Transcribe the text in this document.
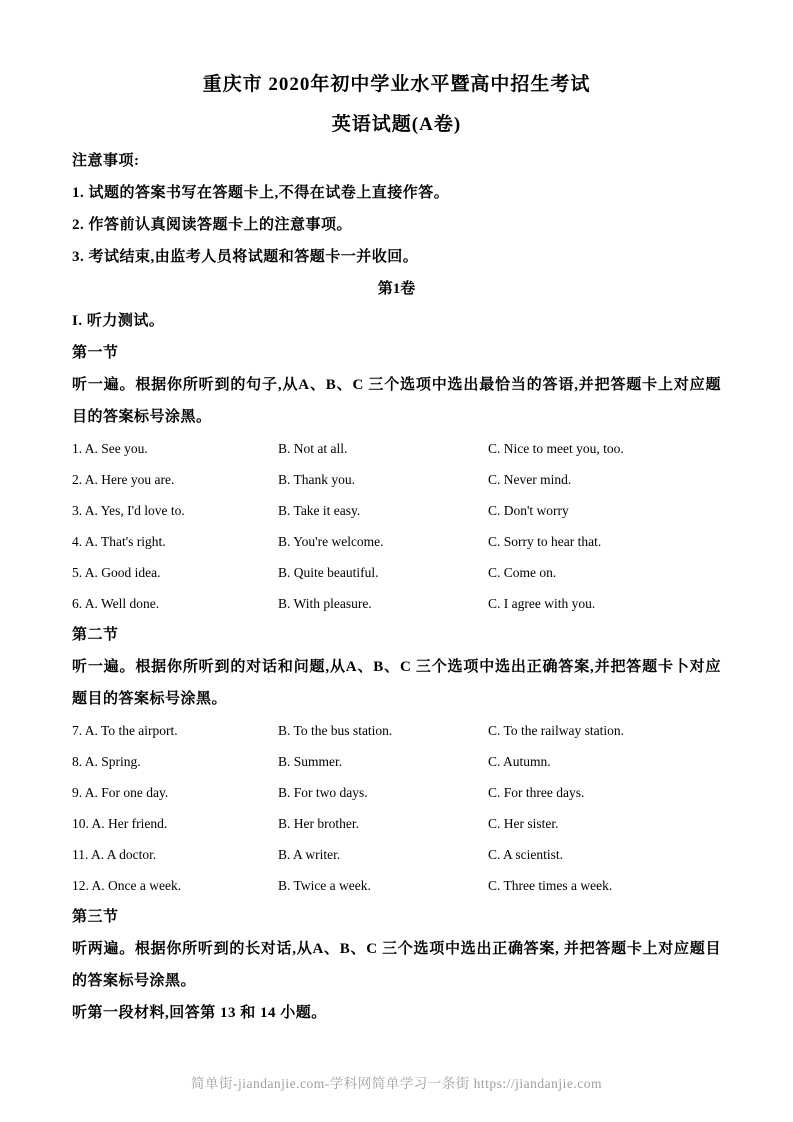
重庆市 2020年初中学业水平暨高中招生考试
英语试题(A卷)
注意事项:
1. 试题的答案书写在答题卡上,不得在试卷上直接作答。
2. 作答前认真阅读答题卡上的注意事项。
3. 考试结束,由监考人员将试题和答题卡一并收回。
第1卷
I. 听力测试。
第一节
听一遍。根据你所听到的句子,从A、B、C 三个选项中选出最恰当的答语,并把答题卡上对应题目的答案标号涂黑。
1. A. See you.	B. Not at all.	C. Nice to meet you, too.
2. A. Here you are.	B. Thank you.	C. Never mind.
3. A. Yes, I'd love to.	B. Take it easy.	C. Don't worry
4. A. That's right.	B. You're welcome.	C. Sorry to hear that.
5. A. Good idea.	B. Quite beautiful.	C. Come on.
6. A. Well done.	B. With pleasure.	C. I agree with you.
第二节
听一遍。根据你所听到的对话和问题,从A、B、C 三个选项中选出正确答案,并把答题卡卜对应题目的答案标号涂黑。
7. A. To the airport.	B. To the bus station.	C. To the railway station.
8. A. Spring.	B. Summer.	C. Autumn.
9. A. For one day.	B. For two days.	C. For three days.
10. A. Her friend.	B. Her brother.	C. Her sister.
11. A. A doctor.	B. A writer.	C. A scientist.
12. A. Once a week.	B. Twice a week.	C. Three times a week.
第三节
听两遍。根据你所听到的长对话,从A、B、C 三个选项中选出正确答案, 并把答题卡上对应题目的答案标号涂黑。
听第一段材料,回答第 13 和 14 小题。
简单街-jiandanjie.com-学科网简单学习一条街 https://jiandanjie.com
